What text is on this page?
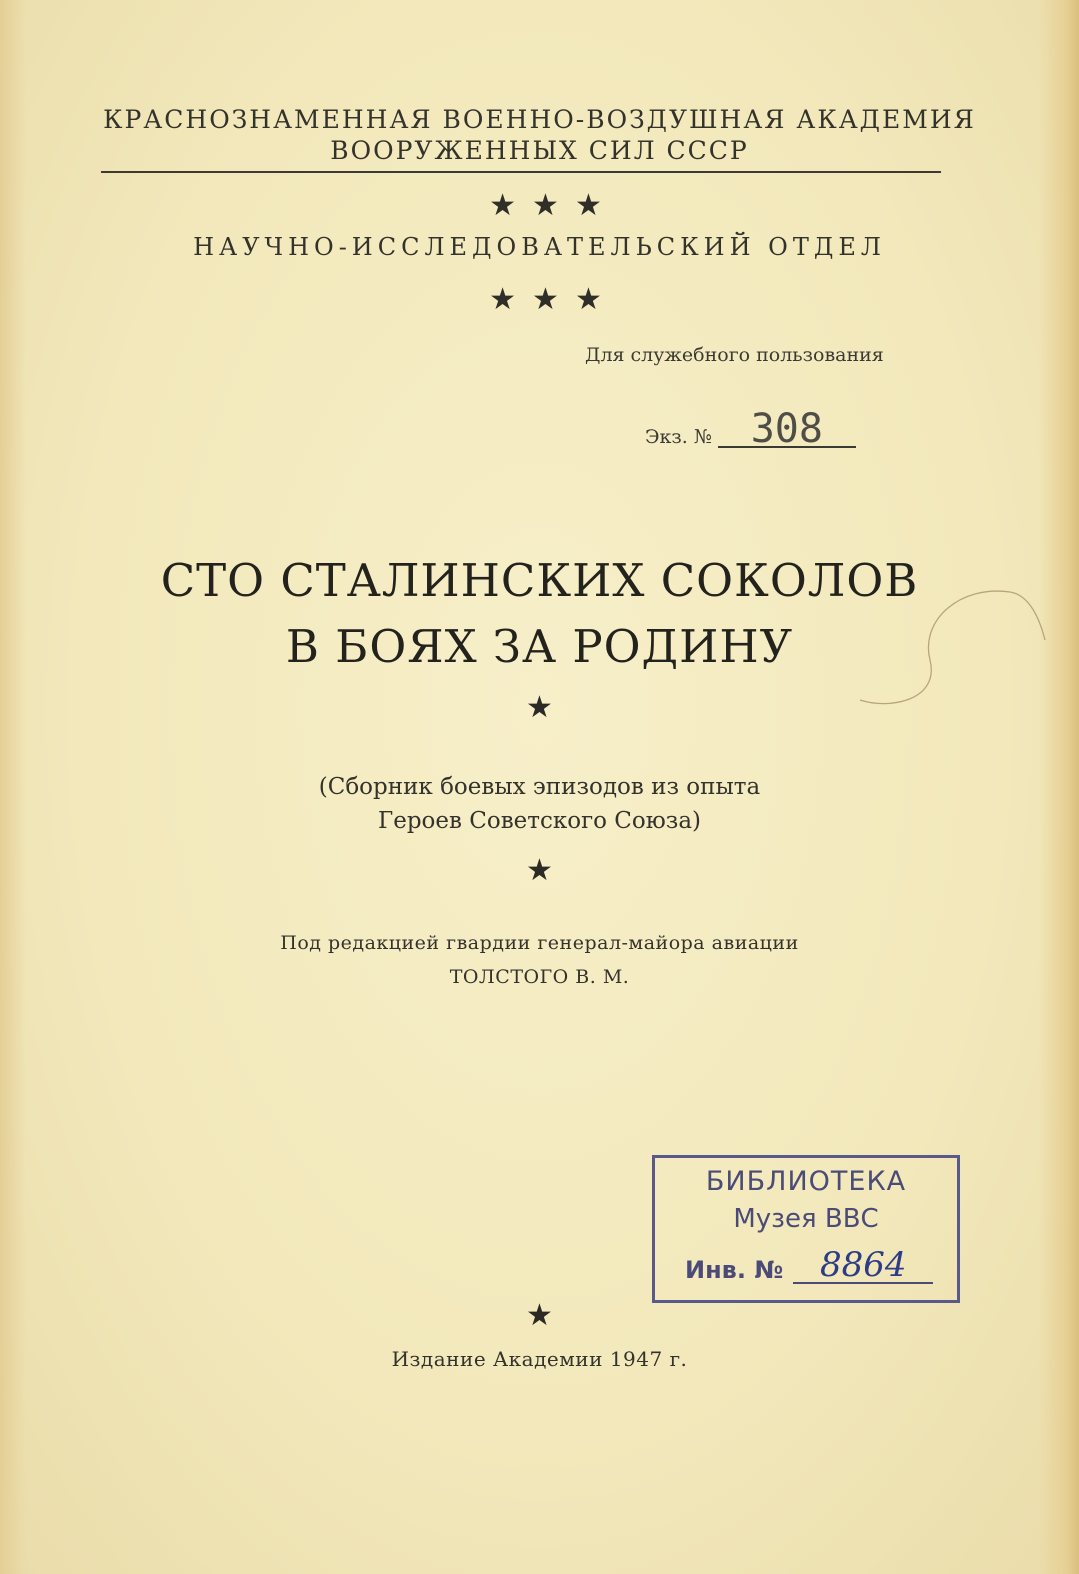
КРАСНОЗНАМЕННАЯ ВОЕННО-ВОЗДУШНАЯ АКАДЕМИЯ
ВООРУЖЕННЫХ СИЛ СССР
★★★
НАУЧНО-ИССЛЕДОВАТЕЛЬСКИЙ ОТДЕЛ
★★★
Для служебного пользования
Экз. № 308
СТО СТАЛИНСКИХ СОКОЛОВ
В БОЯХ ЗА РОДИНУ
★
(Сборник боевых эпизодов из опыта
Героев Советского Союза)
★
Под редакцией гвардии генерал-майора авиации
ТОЛСТОГО В. М.
БИБЛИОТЕКА
Музея ВВС
Инв. №	8864
★
Издание Академии 1947 г.
